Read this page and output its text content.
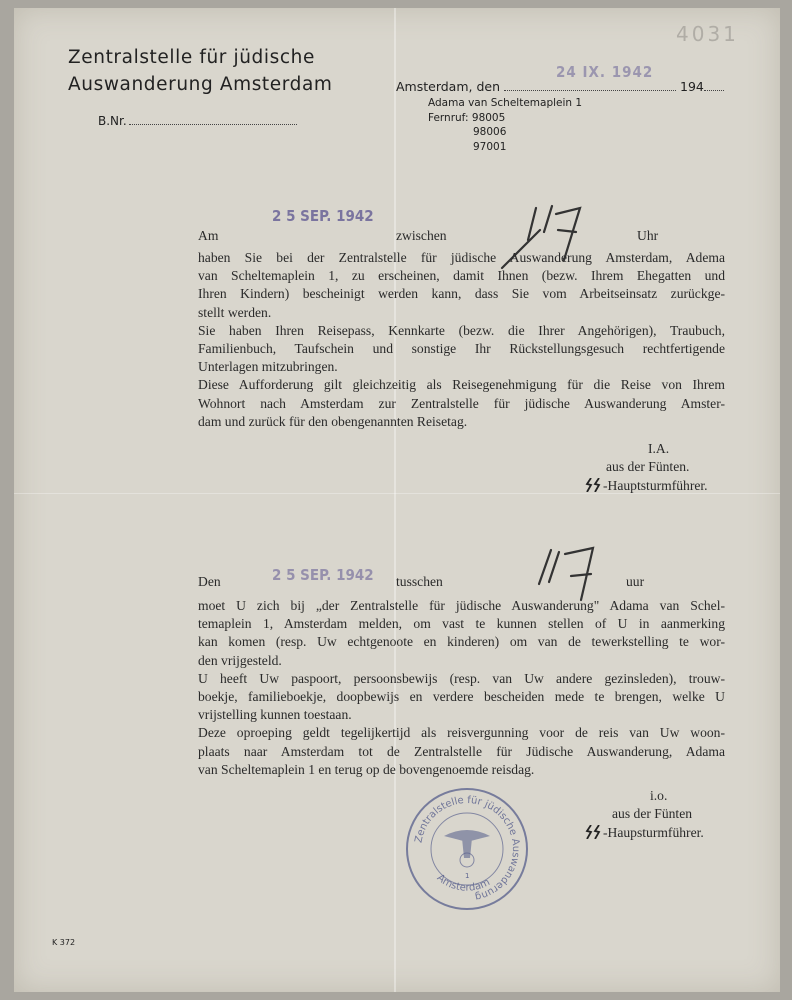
4031
Zentralstelle für jüdische
Auswanderung Amsterdam
B.Nr.
Amsterdam, den	194
24 IX. 1942
Adama van Scheltemaplein 1
Fernruf: 98005
98006
97001
2 5 SEP. 1942
Am	zwischen	Uhr
haben Sie bei der Zentralstelle für jüdische Auswanderung Amsterdam, Adema
van Scheltemaplein 1, zu erscheinen, damit Ihnen (bezw. Ihrem Ehegatten und
Ihren Kindern) bescheinigt werden kann, dass Sie vom Arbeitseinsatz zurückge-
stellt werden.
Sie haben Ihren Reisepass, Kennkarte (bezw. die Ihrer Angehörigen), Traubuch,
Familienbuch, Taufschein und sonstige Ihr Rückstellungsgesuch rechtfertigende
Unterlagen mitzubringen.
Diese Aufforderung gilt gleichzeitig als Reisegenehmigung für die Reise von Ihrem
Wohnort nach Amsterdam zur Zentralstelle für jüdische Auswanderung Amster-
dam und zurück für den obengenannten Reisetag.
I.A.
aus der Fünten.
-Hauptsturmführer.
2 5 SEP. 1942
Den	tusschen	uur
moet U zich bij „der Zentralstelle für jüdische Auswanderung" Adama van Schel-
temaplein 1, Amsterdam melden, om vast te kunnen stellen of U in aanmerking
kan komen (resp. Uw echtgenoote en kinderen) om van de tewerkstelling te wor-
den vrijgesteld.
U heeft Uw paspoort, persoonsbewijs (resp. van Uw andere gezinsleden), trouw-
boekje, familieboekje, doopbewijs en verdere bescheiden mede te brengen, welke U
vrijstelling kunnen toestaan.
Deze oproeping geldt tegelijkertijd als reisvergunning voor de reis van Uw woon-
plaats naar Amsterdam tot de Zentralstelle für Jüdische Auswanderung, Adama
van Scheltemaplein 1 en terug op de bovengenoemde reisdag.
i.o.
aus der Fünten
-Haupsturmführer.
Zentralstelle für jüdische Auswanderung
Amsterdam
1
K 372
